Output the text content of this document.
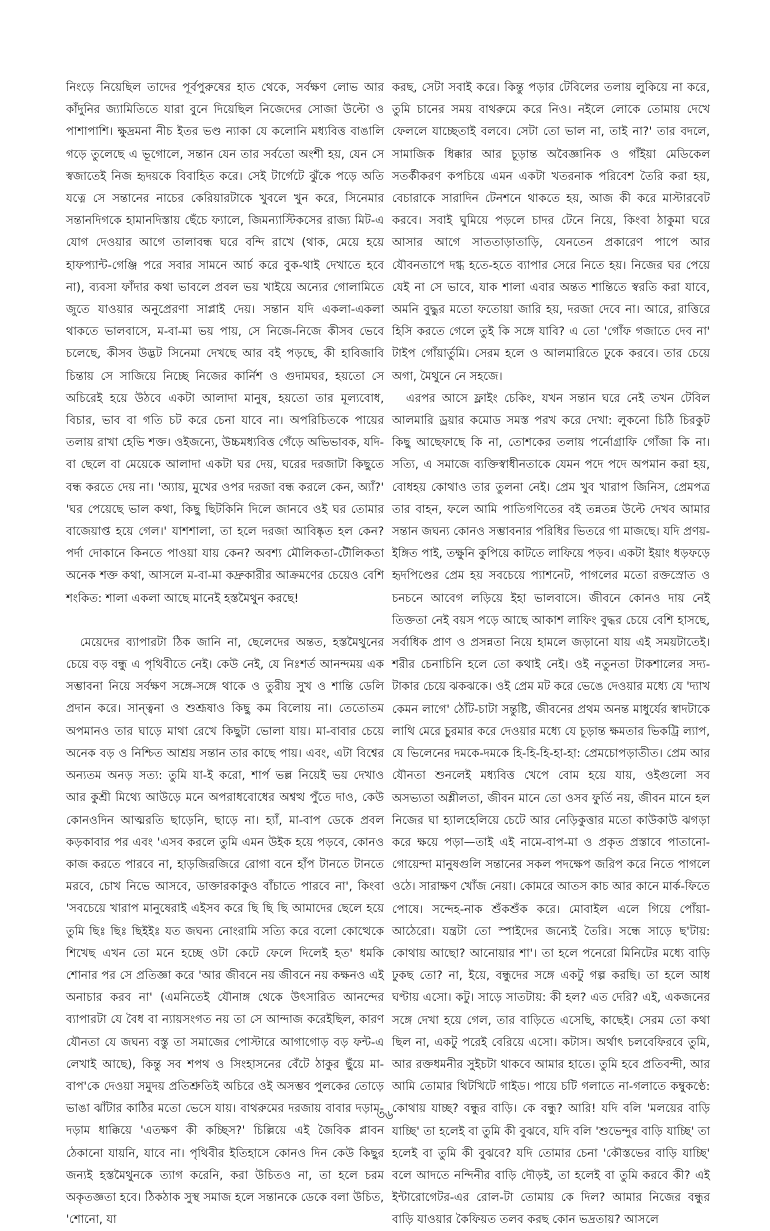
নিংড়ে নিয়েছিল তাদের পূর্বপুরুষের হাত থেকে, সর্বক্ষণ লোভ আর কাঁদুনির জ্যামিতিতে যারা বুনে দিয়েছিল নিজেদের সোজা উল্টো ও পাশাপাশি। ক্ষুদ্রমনা নীচ ইতর ভণ্ড ন্যাকা যে কলোনি মধ্যবিত্ত বাঙালি গড়ে তুলেছে এ ভূগোলে, সন্তান যেন তার সর্বতো অংশী হয়, যেন সে স্বজাতেই নিজ হৃদয়কে বিবাহিত করে। সেই টার্গেটে ঝুঁকে পড়ে অতি যত্নে সে সন্তানের নাচের কেরিয়ারটাকে খুবলে খুন করে, সিনেমার সন্তানদিগকে হামানদিস্তায় ছেঁচে ফ্যালে, জিমন্যাস্টিকসের রাজ্য মিট-এ যোগ দেওয়ার আগে তালাবন্ধ ঘরে বন্দি রাখে (থাক, মেয়ে হয়ে হাফপ্যান্ট-গেঞ্জি পরে সবার সামনে আর্চ করে বুক-থাই দেখাতে হবে না), ব্যবসা ফাঁদার কথা ভাবলে প্রবল ভয় খাইয়ে অন্যের গোলামিতে জুতে যাওয়ার অনুপ্রেরণা সাপ্লাই দেয়। সন্তান যদি একলা-একলা থাকতে ভালবাসে, ম-বা-মা ভয় পায়, সে নিজে-নিজে কীসব ভেবে চলেছে, কীসব উদ্ভট সিনেমা দেখছে আর বই পড়ছে, কী হাবিজাবি চিন্তায় সে সাজিয়ে নিচ্ছে নিজের কার্নিশ ও গুদামঘর, হয়তো সে অচিরেই হয়ে উঠবে একটা আলাদা মানুষ, হয়তো তার মূল্যবোধ, বিচার, ভাব বা গতি চট করে চেনা যাবে না। অপরিচিতকে পায়ের তলায় রাখা হেভি শক্ত। ওইজন্যে, উচ্চমধ্যবিত্ত গেঁড়ে অভিভাবক, যদি-বা ছেলে বা মেয়েকে আলাদা একটা ঘর দেয়, ঘরের দরজাটা কিছুতে বন্ধ করতে দেয় না। 'অ্যায়, মুখের ওপর দরজা বন্ধ করলে কেন, অ্যাঁ?' 'ঘর পেয়েছে ভাল কথা, কিছু ছিটকিনি দিলে জানবে ওই ঘর তোমার বাজেয়াপ্ত হয়ে গেল।' যাশশালা, তা হলে দরজা আবিষ্কৃত হল কেন? পর্দা দোকানে কিনতে পাওয়া যায় কেন? অবশ্য মৌলিকতা-টৌলিকতা অনেক শক্ত কথা, আসলে ম-বা-মা কদ্রুকারীর আক্রমণের চেয়েও বেশি শংকিত: শালা একলা আছে মানেই হস্তমৈথুন করছে!

মেয়েদের ব্যাপারটা ঠিক জানি না, ছেলেদের অন্তত, হস্তমৈথুনের চেয়ে বড় বন্ধু এ পৃথিবীতে নেই। কেউ নেই, যে নিঃশর্ত আনন্দময় এক সম্ভাবনা নিয়ে সর্বক্ষণ সঙ্গে-সঙ্গে থাকে ও তুরীয় সুখ ও শান্তি ডেলি প্রদান করে। সান্ত্বনা ও শুশ্রূষাও কিছু কম বিলোয় না। তেতোতম অপমানও তার ঘাড়ে মাথা রেখে কিছুটা ভোলা যায়। মা-বাবার চেয়ে অনেক বড় ও নিশ্চিত আশ্রয় সন্তান তার কাছে পায়। এবং, এটা বিশ্বের অন্যতম অনড় সত্য: তুমি যা-ই করো, শার্প ভল্ল নিয়েই ভয় দেখাও আর কুশ্রী মিথ্যে আউড়ে মনে অপরাধবোধের অশ্বত্থ পুঁতে দাও, কেউ কোনওদিন আত্মরতি ছাড়েনি, ছাড়ে না। হ্যাঁ, মা-বাপ ডেকে প্রবল কড়কাবার পর এবং 'এসব করলে তুমি এমন উইক হয়ে পড়বে, কোনও কাজ করতে পারবে না, হাড়জিরজিরে রোগা বনে হাঁপ টানতে টানতে মরবে, চোখ নিভে আসবে, ডাক্তারকাকুও বাঁচাতে পারবে না', কিংবা 'সবচেয়ে খারাপ মানুষেরাই এইসব করে ছি ছি ছি আমাদের ছেলে হয়ে তুমি ছিঃ ছিঃ ছিইইঃ যত জঘন্য নোংরামি সত্যি করে বলো কোত্থেকে শিখেছ এখন তো মনে হচ্ছে ওটা কেটে ফেলে দিলেই হত' ধমকি শোনার পর সে প্রতিজ্ঞা করে 'আর জীবনে নয় জীবনে নয় কক্ষনও এই অনাচার করব না' (এমনিতেই যৌনাঙ্গ থেকে উৎসারিত আনন্দের ব্যাপারটা যে বৈধ বা ন্যায়সংগত নয় তা সে আন্দাজ করেইছিল, কারণ যৌনতা যে জঘন্য বস্তু তা সমাজের পোস্টারে আগাগোড় বড় ফন্ট-এ লেখাই আছে), কিন্তু সব শপথ ও সিংহাসনের বেঁটে ঠাকুর ছুঁয়ে মা-বাপ'কে দেওয়া সমুদয় প্রতিশ্রুতিই অচিরে ওই অসম্ভব পুলকের তোড়ে ভাঙা ঝাঁটার কাঠির মতো ভেসে যায়। বাথরুমের দরজায় বাবার দড়াম-দড়াম ধাক্কিয়ে 'এতক্ষণ কী কচ্ছিস?' চিল্লিয়ে এই জৈবিক প্লাবন ঠেকানো যায়নি, যাবে না। পৃথিবীর ইতিহাসে কোনও দিন কেউ কিছুর জন্যই হস্তমৈথুনকে ত্যাগ করেনি, করা উচিতও না, তা হলে চরম অকৃতজ্ঞতা হবে। ঠিকঠাক সুস্থ সমাজ হলে সন্তানকে ডেকে বলা উচিত, 'শোনো, যা

করছ, সেটা সবাই করে। কিন্তু পড়ার টেবিলের তলায় লুকিয়ে না করে, তুমি চানের সময় বাথরুমে করে নিও। নইলে লোকে তোমায় দেখে ফেললে যাচ্ছেতাই বলবে। সেটা তো ভাল না, তাই না?' তার বদলে, সামাজিক ধিক্কার আর চূড়ান্ত অবৈজ্ঞানিক ও গাঁইয়া মেডিকেল সতর্কীকরণ কপচিয়ে এমন একটা খতরনাক পরিবেশ তৈরি করা হয়, বেচারাকে সারাদিন টেনশনে থাকতে হয়, আজ কী করে মাস্টারবেট করবে। সবাই ঘুমিয়ে পড়লে চাদর টেনে নিয়ে, কিংবা ঠাকুমা ঘরে আসার আগে সাততাড়াতাড়ি, যেনতেন প্রকারেণ পাপে আর যৌবনতাপে দগ্ধ হতে-হতে ব্যাপার সেরে নিতে হয়। নিজের ঘর পেয়ে যেই না সে ভাবে, যাক শালা এবার অন্তত শান্তিতে স্বরতি করা যাবে, অমনি বুদ্ধুর মতো ফতোয়া জারি হয়, দরজা দেবে না। আরে, রাত্তিরে হিসি করতে গেলে তুই কি সঙ্গে যাবি? এ তো 'গোঁফ গজাতে দেব না' টাইপ গোঁয়ার্তুমি। সেরম হলে ও আলমারিতে ঢুকে করবে। তার চেয়ে অগা, মৈথুনে নে সহজে।

এরপর আসে ফ্লাইং চেকিং, যখন সন্তান ঘরে নেই তখন টেবিল আলমারি ড্রয়ার কমোড সমস্ত পরখ করে দেখা: লুকনো চিঠি চিরকুট কিছু আছেফাছে কি না, তোশকের তলায় পর্নোগ্রাফি গোঁজা কি না। সত্যি, এ সমাজে ব্যক্তিস্বাধীনতাকে যেমন পদে পদে অপমান করা হয়, বোধহয় কোথাও তার তুলনা নেই। প্রেম খুব খারাপ জিনিস, প্রেমপত্র তার বাহন, ফলে আমি পাতিগণিতের বই তন্নতন্ন উল্টে দেখব আমার সন্তান জঘন্য কোনও সম্ভাবনার পরিধির ভিতরে গা মাজছে। যদি প্রণয়-ইঙ্গিত পাই, তক্ষুনি কুপিয়ে কাটতে লাফিয়ে পড়ব। একটা ইয়াং ধড়ফড়ে হৃদপিণ্ডের প্রেম হয় সবচেয়ে প্যাশনেট, পাগলের মতো রক্তস্রোত ও চনচনে আবেগ লড়িয়ে ইহা ভালবাসে। জীবনে কোনও দায় নেই তিক্ততা নেই বয়স পড়ে আছে আকাশ লাফিং বুদ্ধর চেয়ে বেশি হাসছে, সর্বাধিক প্রাণ ও প্রসন্নতা নিয়ে হামলে জড়ানো যায় এই সময়টাতেই। শরীর চেনাচিনি হলে তো কথাই নেই। ওই নতুনতা টাকশালের সদ্য-টাকার চেয়ে ঝকঝকে। ওই প্রেম মট করে ভেঙে দেওয়ার মধ্যে যে 'দ্যাখ কেমন লাগে' ঠোঁট-চাটা সন্তুষ্টি, জীবনের প্রথম অনন্ত মাধুর্যের স্বাদটাকে লাথি মেরে চুরমার করে দেওয়ার মধ্যে যে চূড়ান্ত ক্ষমতার ভিকট্রি ল্যাপ, যে ভিলেনের দমকে-দমকে হি-হি-হি-হা-হা: প্রেমচোপড়াতীত। প্রেম আর যৌনতা শুনলেই মধ্যবিত্ত খেপে বোম হয়ে যায়, ওইগুলো সব অসভ্যতা অশ্লীলতা, জীবন মানে তো ওসব ফুর্তি নয়, জীবন মানে হল নিজের ঘা হ্যালহেলিয়ে চেটে আর নেড়িকুত্তার মতো কাউকাউ ঝগড়া করে ক্ষয়ে পড়া—তাই এই নামে-বাপ-মা ও প্রকৃত প্রস্তাবে পাতানো-গোয়েন্দা মানুষগুলি সন্তানের সকল পদক্ষেপ জরিপ করে নিতে পাগলে ওঠে। সারাক্ষণ খোঁজ নেয়া। কোমরে আতস কাচ আর কানে মার্ক-ফিতে পোষে। সন্দেহ-নাক শুঁকশুঁক করে। মোবাইল এলে গিয়ে পোঁয়া-আঠেরো। যন্ত্রটা তো স্পাইদের জন্যেই তৈরি। সন্ধে সাড়ে ছ'টায়: কোথায় আছো? আনোয়ার শা'। তা হলে পনেরো মিনিটের মধ্যে বাড়ি ঢুকছ তো? না, ইয়ে, বন্ধুদের সঙ্গে একটু গল্প করছি। তা হলে আধ ঘণ্টায় এসো। কটু। সাড়ে সাতটায়: কী হল? এত দেরি? এই, একজনের সঙ্গে দেখা হয়ে গেল, তার বাড়িতে এসেছি, কাছেই। সেরম তো কথা ছিল না, একটু পরেই বেরিয়ে এসো। কটাস। অর্থাৎ চলবেফিরবে তুমি, আর রক্তধমনীর সুইচটা থাকবে আমার হাতে। তুমি হবে প্রতিবন্দী, আর আমি তোমার থিটখিটে গাইড। পায়ে চটি গলাতে না-গলাতে কম্বুকণ্ঠে: কোথায় যাচ্ছ? বন্ধুর বাড়ি। কে বন্ধু? আরি! যদি বলি 'মলয়ের বাড়ি যাচ্ছি' তা হলেই বা তুমি কী বুঝবে, যদি বলি 'শুভেন্দুর বাড়ি যাচ্ছি' তা হলেই বা তুমি কী বুঝবে? যদি তোমার চেনা 'কৌস্তভের বাড়ি যাচ্ছি' বলে আদতে নন্দিনীর বাড়ি দৌড়ই, তা হলেই বা তুমি করবে কী? এই ইন্টারোগেটর-এর রোল-টা তোমায় কে দিল? আমার নিজের বন্ধুর বাড়ি যাওয়ার কৈফিয়ত তলব করছ কোন ভদ্রতায়? আসলে

৩৬
